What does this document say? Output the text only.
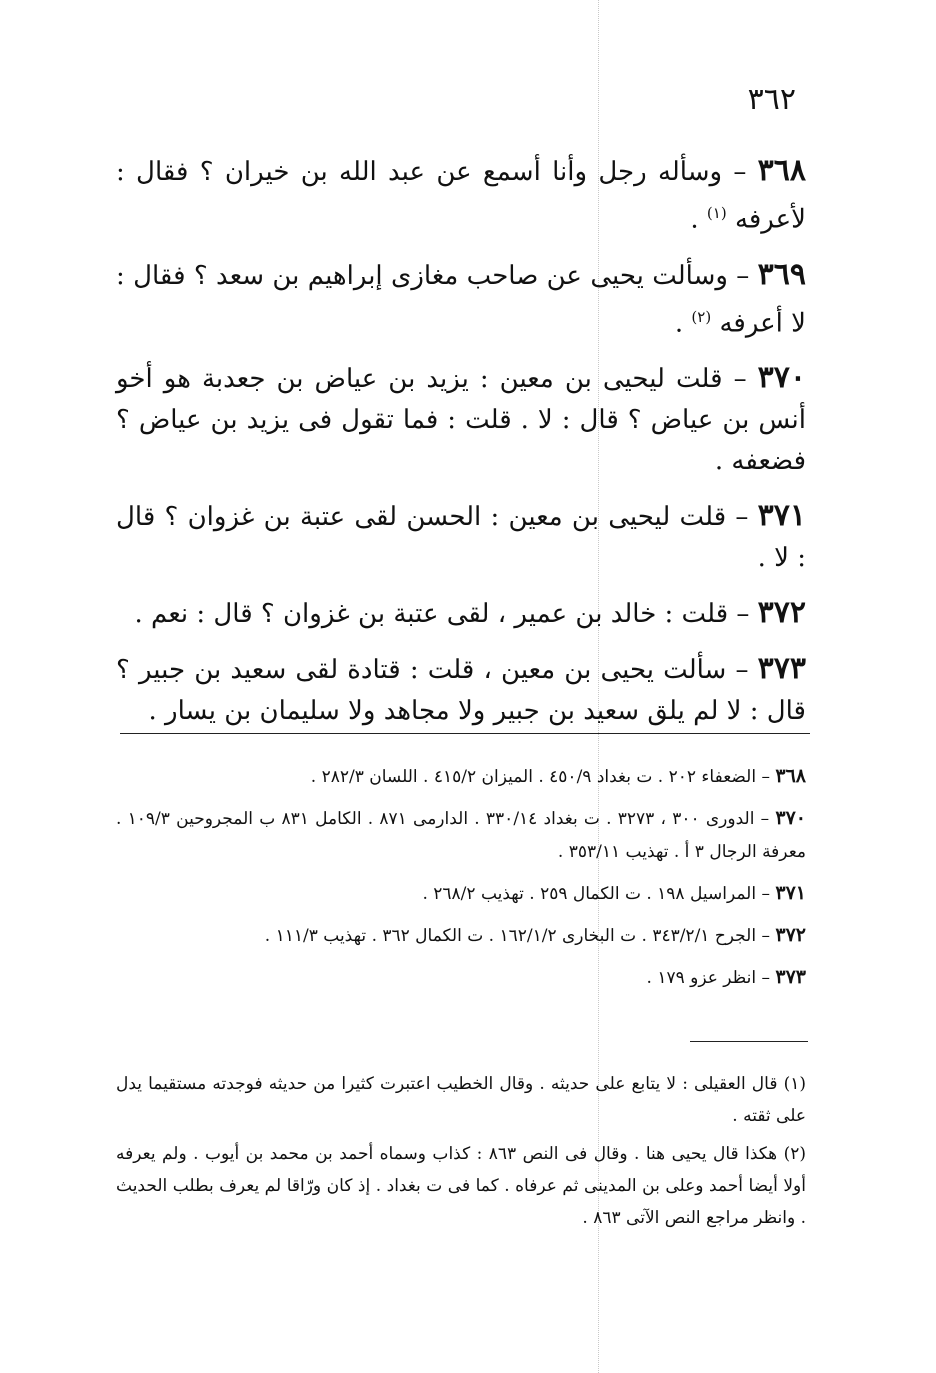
٣٦٢

٣٦٨ – وسأله رجل وأنا أسمع عن عبد الله بن خيران ؟ فقال : لأعرفه $^{(١)}$ .

٣٦٩ – وسألت يحيى عن صاحب مغازى إبراهيم بن سعد ؟ فقال : لا أعرفه $^{(٢)}$ .

٣٧٠ – قلت ليحيى بن معين : يزيد بن عياض بن جعدبة هو أخو أنس بن عياض ؟ قال : لا . قلت : فما تقول فى يزيد بن عياض ؟ فضعفه .

٣٧١ – قلت ليحيى بن معين : الحسن لقى عتبة بن غزوان ؟ قال : لا .

٣٧٢ – قلت : خالد بن عمير ، لقى عتبة بن غزوان ؟ قال : نعم .

٣٧٣ – سألت يحيى بن معين ، قلت : قتادة لقى سعيد بن جبير ؟ قال : لا لم يلق سعيد بن جبير ولا مجاهد ولا سليمان بن يسار .

٣٦٨ – الضعفاء ٢٠٢ . ت بغداد ٤٥٠/٩ . الميزان ٤١٥/٢ . اللسان ٢٨٢/٣ .

٣٧٠ – الدورى ٣٠٠ ، ٣٢٧٣ . ت بغداد ٣٣٠/١٤ . الدارمى ٨٧١ . الكامل ٨٣١ ب المجروحين ١٠٩/٣ . معرفة الرجال ٣ أ . تهذيب ٣٥٣/١١ .

٣٧١ – المراسيل ١٩٨ . ت الكمال ٢٥٩ . تهذيب ٢٦٨/٢ .

٣٧٢ – الجرح ٣٤٣/٢/١ . ت البخارى ١٦٢/١/٢ . ت الكمال ٣٦٢ . تهذيب ١١١/٣ .

٣٧٣ – انظر عزو ١٧٩ .

(١) قال العقيلى : لا يتابع على حديثه . وقال الخطيب اعتبرت كثيرا من حديثه فوجدته مستقيما يدل على ثقته .

(٢) هكذا قال يحيى هنا . وقال فى النص ٨٦٣ : كذاب وسماه أحمد بن محمد بن أيوب . ولم يعرفه أولا أيضا أحمد وعلى بن المدينى ثم عرفاه . كما فى ت بغداد . إذ كان ورّاقا لم يعرف بطلب الحديث . وانظر مراجع النص الآتى ٨٦٣ .
